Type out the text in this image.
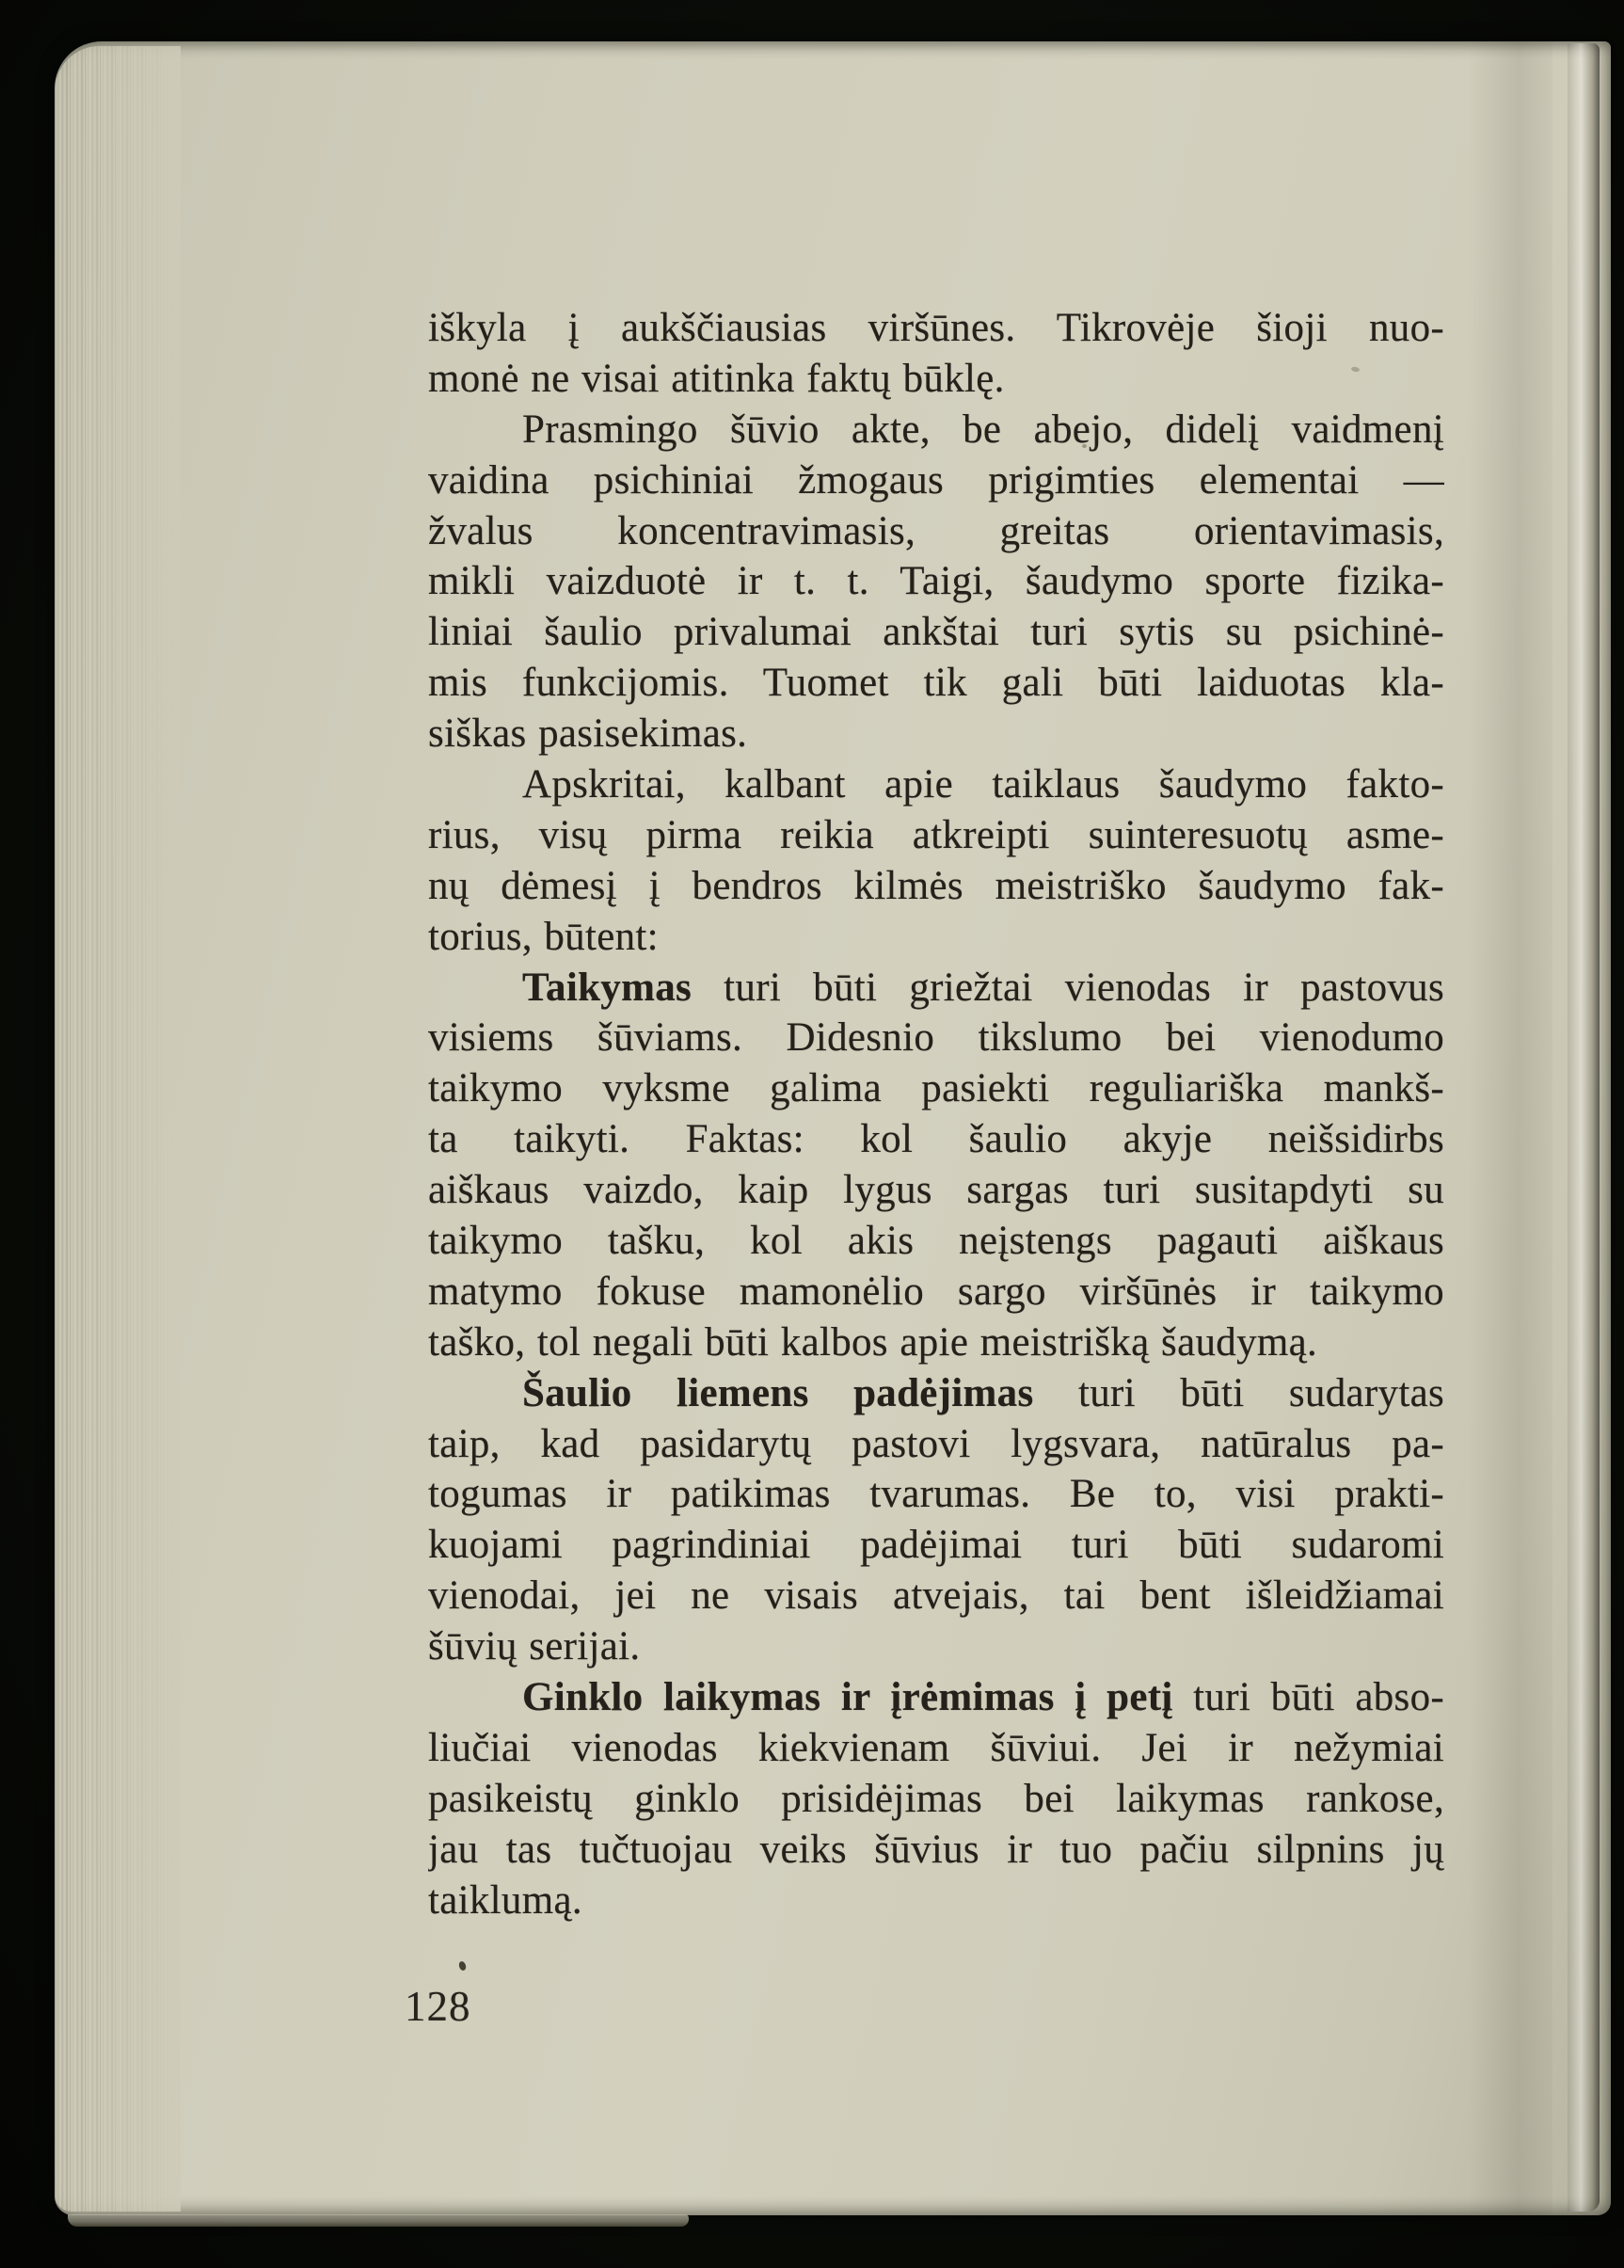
iškyla į aukščiausias viršūnes. Tikrovėje šioji nuo-
monė ne visai atitinka faktų būklę.
Prasmingo šūvio akte, be abejo, didelį vaidmenį
vaidina psichiniai žmogaus prigimties elementai —
žvalus koncentravimasis, greitas orientavimasis,
mikli vaizduotė ir t. t. Taigi, šaudymo sporte fizika-
liniai šaulio privalumai ankštai turi sytis su psichinė-
mis funkcijomis. Tuomet tik gali būti laiduotas kla-
siškas pasisekimas.
Apskritai, kalbant apie taiklaus šaudymo fakto-
rius, visų pirma reikia atkreipti suinteresuotų asme-
nų dėmesį į bendros kilmės meistriško šaudymo fak-
torius, būtent:
Taikymas turi būti griežtai vienodas ir pastovus
visiems šūviams. Didesnio tikslumo bei vienodumo
taikymo vyksme galima pasiekti reguliariška mankš-
ta taikyti. Faktas: kol šaulio akyje neišsidirbs
aiškaus vaizdo, kaip lygus sargas turi susitapdyti su
taikymo tašku, kol akis neįstengs pagauti aiškaus
matymo fokuse mamonėlio sargo viršūnės ir taikymo
taško, tol negali būti kalbos apie meistrišką šaudymą.
Šaulio liemens padėjimas turi būti sudarytas
taip, kad pasidarytų pastovi lygsvara, natūralus pa-
togumas ir patikimas tvarumas. Be to, visi prakti-
kuojami pagrindiniai padėjimai turi būti sudaromi
vienodai, jei ne visais atvejais, tai bent išleidžiamai
šūvių serijai.
Ginklo laikymas ir įrėmimas į petį turi būti abso-
liučiai vienodas kiekvienam šūviui. Jei ir nežymiai
pasikeistų ginklo prisidėjimas bei laikymas rankose,
jau tas tučtuojau veiks šūvius ir tuo pačiu silpnins jų
taiklumą.
128
